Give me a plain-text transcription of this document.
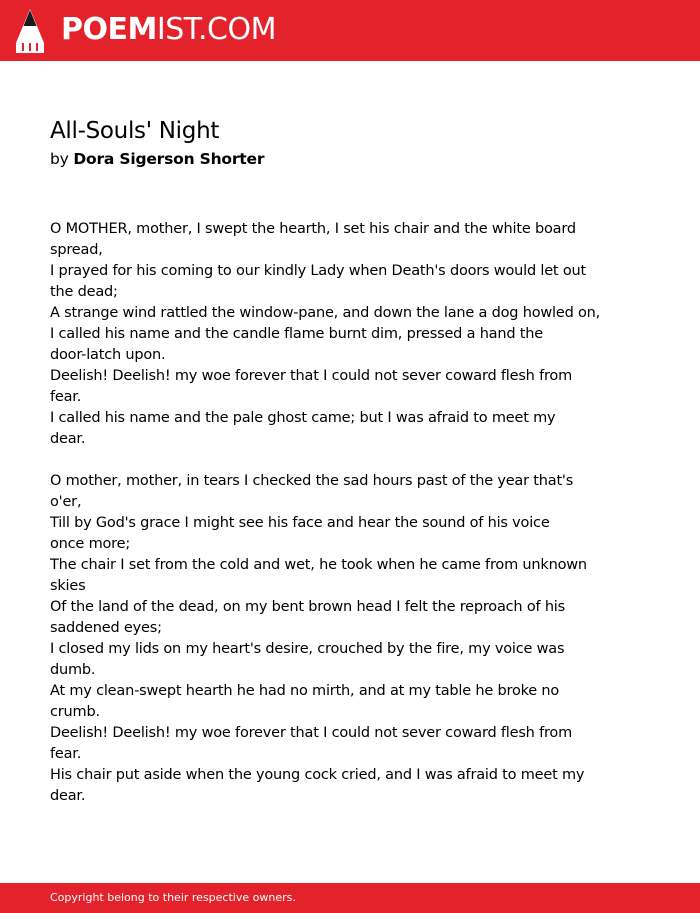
POEMIST.COM
All-Souls' Night
by Dora Sigerson Shorter
O MOTHER, mother, I swept the hearth, I set his chair and the white board
spread,
I prayed for his coming to our kindly Lady when Death's doors would let out
the dead;
A strange wind rattled the window-pane, and down the lane a dog howled on,
I called his name and the candle flame burnt dim, pressed a hand the
door-latch upon.
Deelish! Deelish! my woe forever that I could not sever coward flesh from
fear.
I called his name and the pale ghost came; but I was afraid to meet my
dear.
O mother, mother, in tears I checked the sad hours past of the year that's
o'er,
Till by God's grace I might see his face and hear the sound of his voice
once more;
The chair I set from the cold and wet, he took when he came from unknown
skies
Of the land of the dead, on my bent brown head I felt the reproach of his
saddened eyes;
I closed my lids on my heart's desire, crouched by the fire, my voice was
dumb.
At my clean-swept hearth he had no mirth, and at my table he broke no
crumb.
Deelish! Deelish! my woe forever that I could not sever coward flesh from
fear.
His chair put aside when the young cock cried, and I was afraid to meet my
dear.
Copyright belong to their respective owners.
